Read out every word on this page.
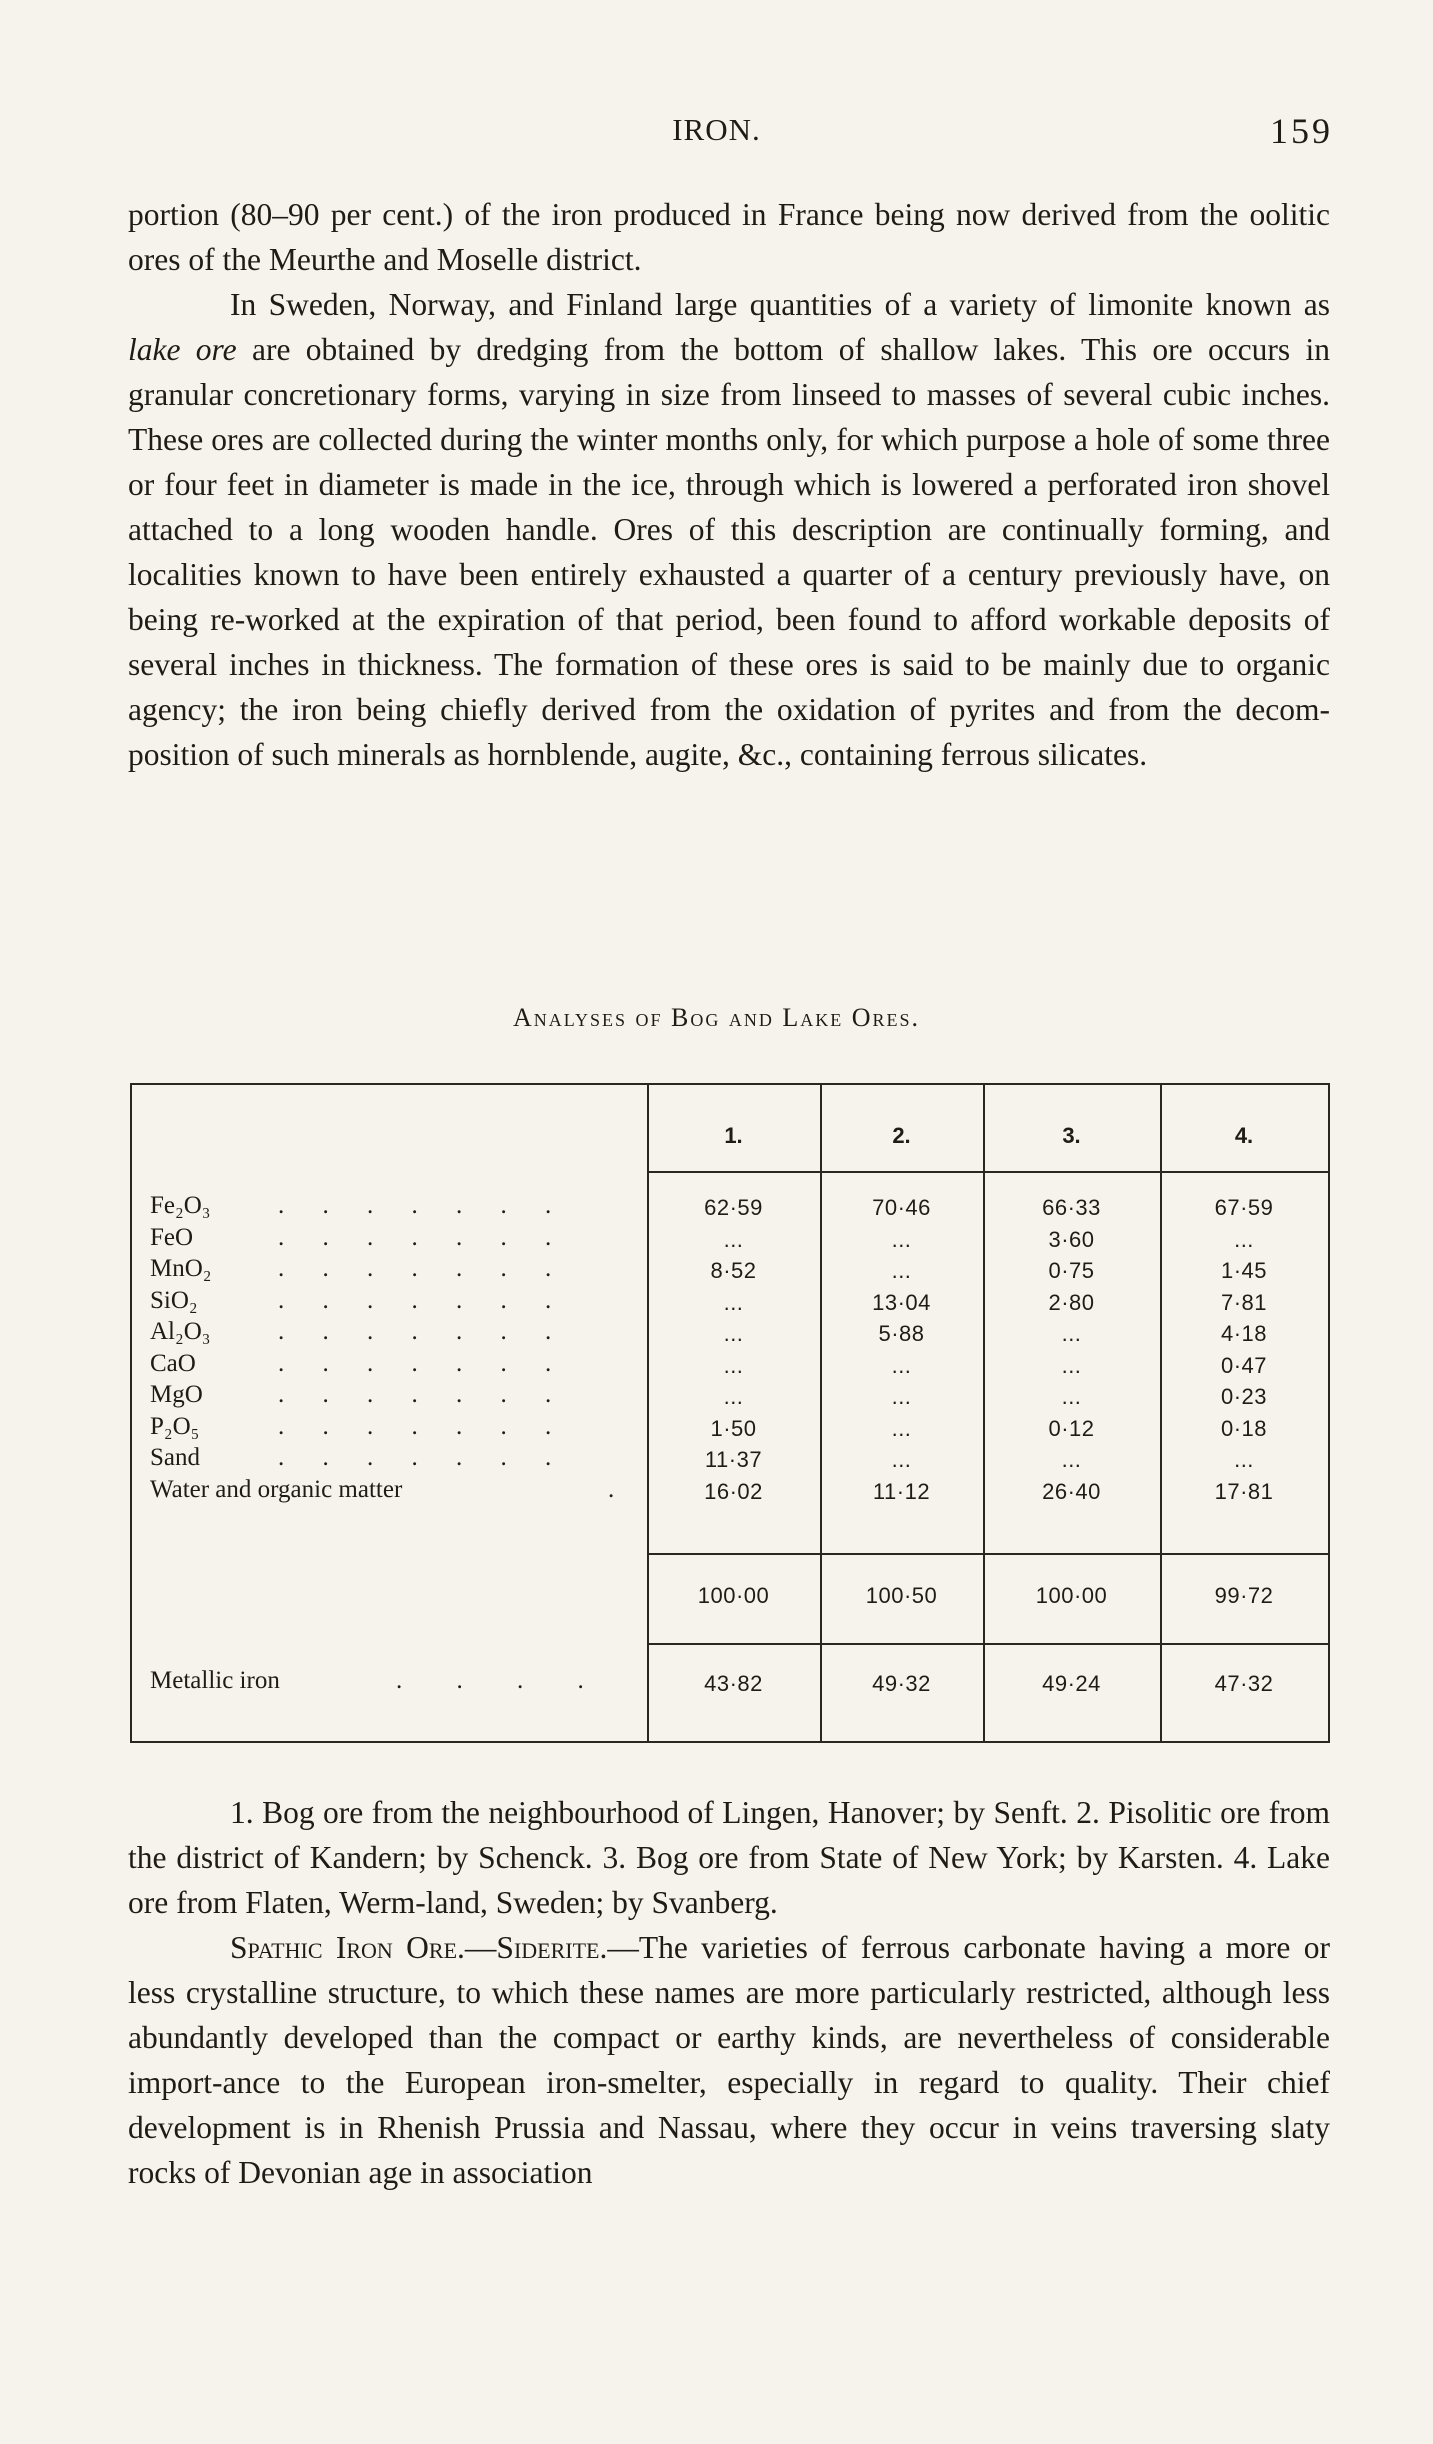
IRON.	159

portion (80–90 per cent.) of the iron produced in France being now derived from the oolitic ores of the Meurthe and Moselle district.

In Sweden, Norway, and Finland large quantities of a variety of limonite known as lake ore are obtained by dredging from the bottom of shallow lakes. This ore occurs in granular concretionary forms, varying in size from linseed to masses of several cubic inches. These ores are collected during the winter months only, for which purpose a hole of some three or four feet in diameter is made in the ice, through which is lowered a perforated iron shovel attached to a long wooden handle. Ores of this description are continually forming, and localities known to have been entirely exhausted a quarter of a century previously have, on being re-worked at the expiration of that period, been found to afford workable deposits of several inches in thickness. The formation of these ores is said to be mainly due to organic agency; the iron being chiefly derived from the oxidation of pyrites and from the decom-position of such minerals as hornblende, augite, &c., containing ferrous silicates.

Analyses of Bog and Lake Ores.
1.	2.	3.	4.
Fe₂O₃	. . . . . . .	62·59	70·46	66·33	67·59
FeO	. . . . . . .	...	...	3·60	...
MnO₂	. . . . . . .	8·52	...	0·75	1·45
SiO₂	. . . . . . .	...	13·04	2·80	7·81
Al₂O₃	. . . . . . .	...	5·88	...	4·18
CaO	. . . . . . .	...	...	...	0·47
MgO	. . . . . . .	...	...	...	0·23
P₂O₅	. . . . . . .	1·50	...	0·12	0·18
Sand	. . . . . . .	11·37	...	...	...
Water and organic matter	.	16·02	11·12	26·40	17·81
100·00	100·50	100·00	99·72
Metallic iron	. . . .	43·82	49·32	49·24	47·32

1. Bog ore from the neighbourhood of Lingen, Hanover; by Senft. 2. Pisolitic ore from the district of Kandern; by Schenck. 3. Bog ore from State of New York; by Karsten. 4. Lake ore from Flaten, Werm-land, Sweden; by Svanberg.

Spathic Iron Ore.—Siderite.—The varieties of ferrous carbonate having a more or less crystalline structure, to which these names are more particularly restricted, although less abundantly developed than the compact or earthy kinds, are nevertheless of considerable import-ance to the European iron-smelter, especially in regard to quality. Their chief development is in Rhenish Prussia and Nassau, where they occur in veins traversing slaty rocks of Devonian age in association
